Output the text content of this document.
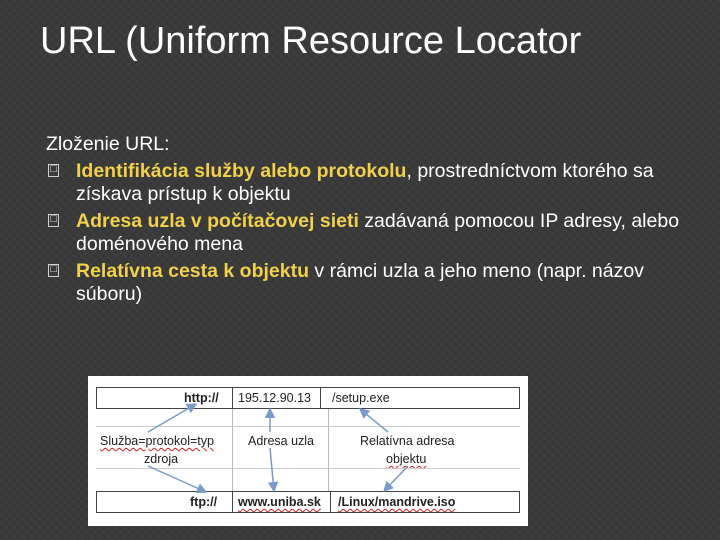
URL (Uniform Resource Locator

Zloženie URL:

☐ Identifikácia služby alebo protokolu, prostredníctvom ktorého sa získava prístup k objektu
☐ Adresa uzla v počítačovej sieti zadávaná pomocou IP adresy, alebo doménového mena
☐ Relatívna cesta k objektu v rámci uzla a jeho meno (napr. názov súboru)
http:// 195.12.90.13 /setup.exe
Služba=protokol=typ
zdroja
Adresa uzla	Relatívna adresa
objektu
ftp:// www.uniba.sk /Linux/mandrive.iso
